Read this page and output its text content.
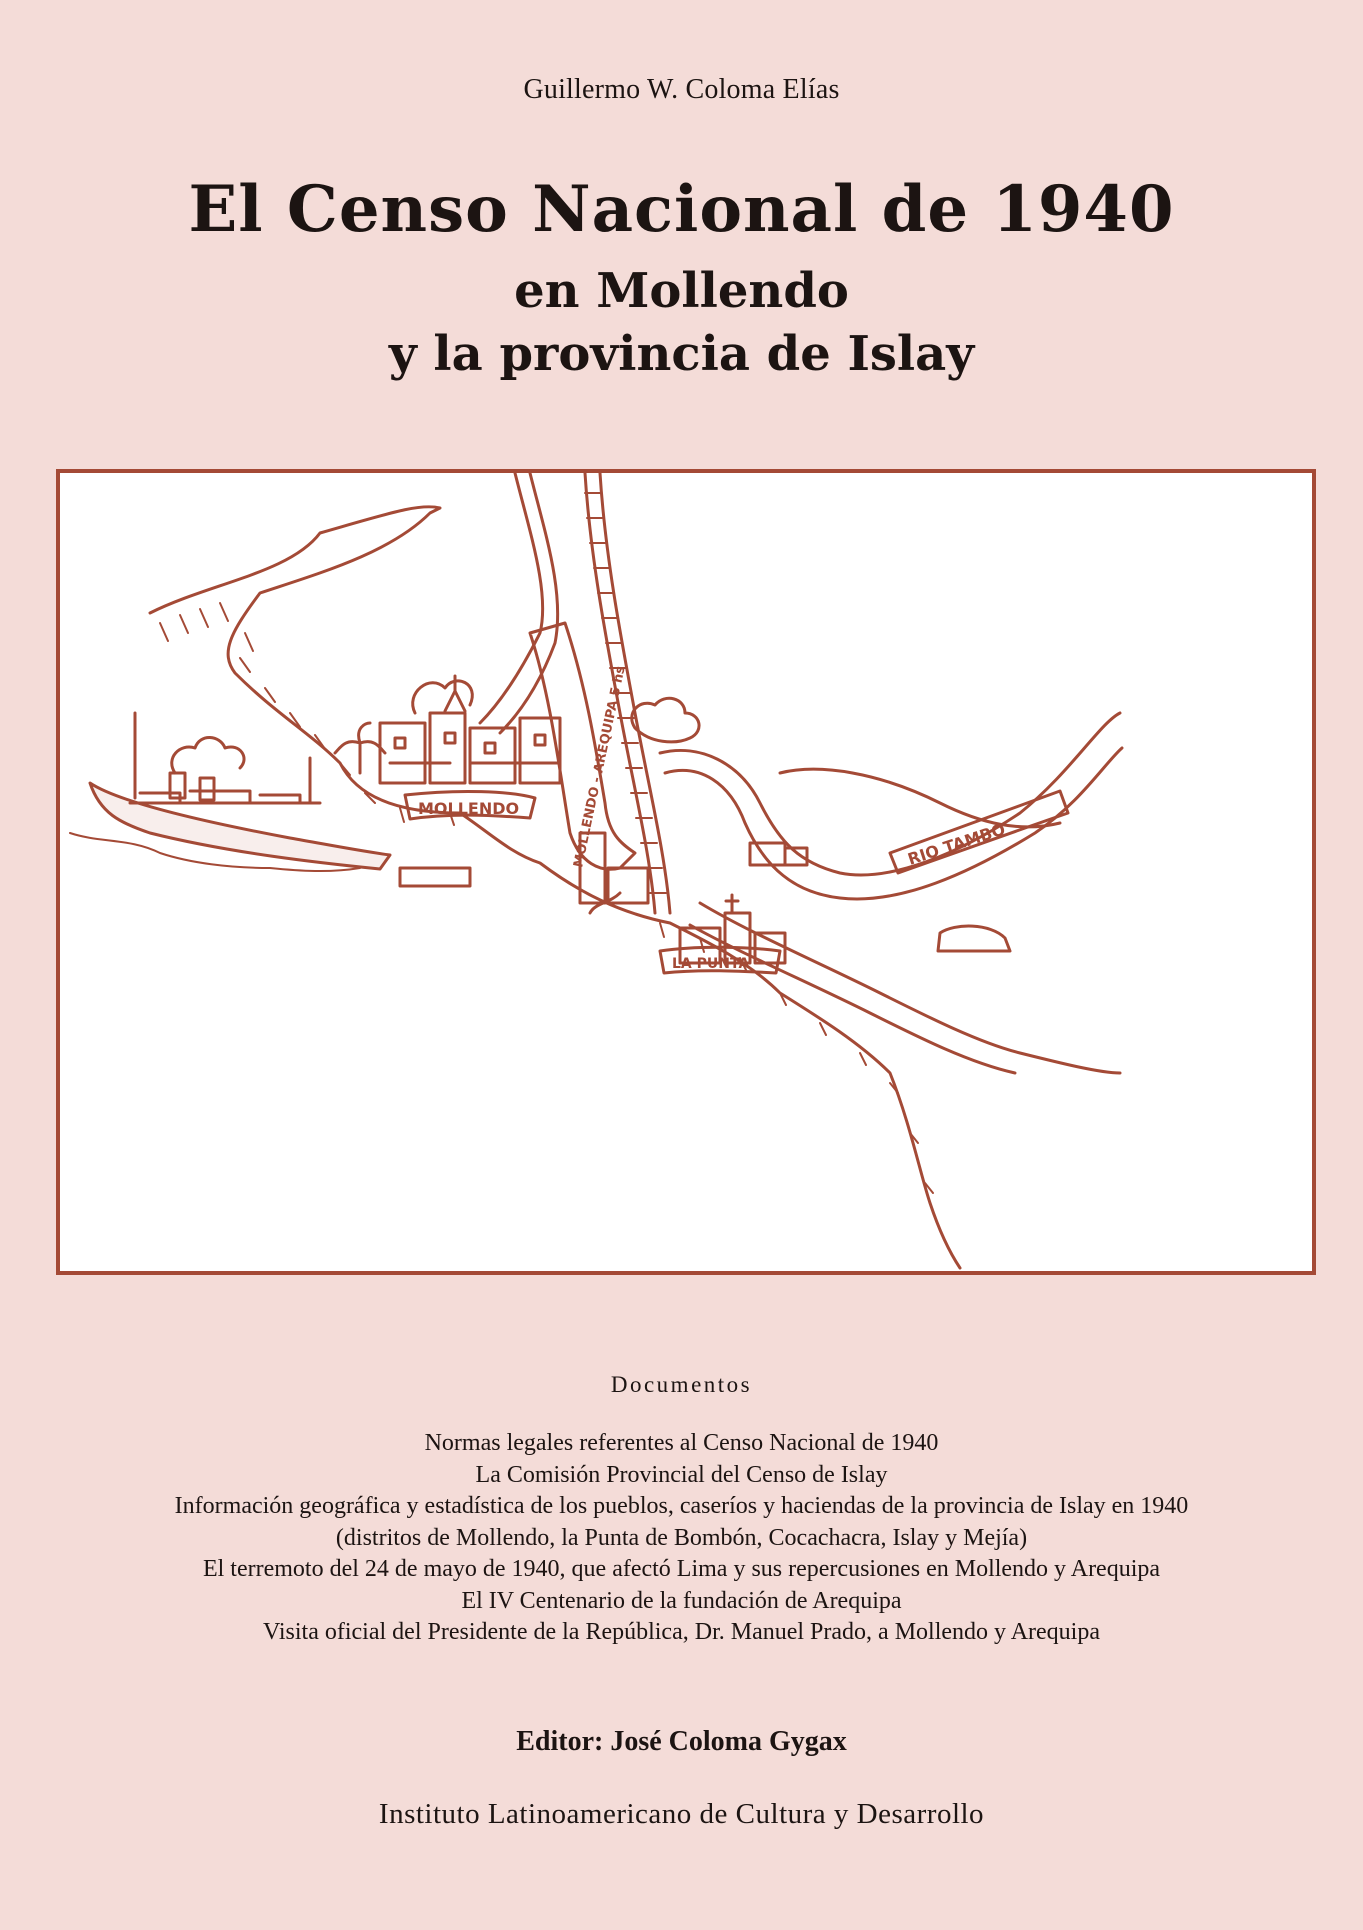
Guillermo W. Coloma Elías
El Censo Nacional de 1940
en Mollendo
y la provincia de Islay
MOLLENDO	MOLLENDO - AREQUIPA 5 hs	RIO TAMBO
LA PUNTA
Documentos
Normas legales referentes al Censo Nacional de 1940
La Comisión Provincial del Censo de Islay
Información geográfica y estadística de los pueblos, caseríos y haciendas de la provincia de Islay en 1940
(distritos de Mollendo, la Punta de Bombón, Cocachacra, Islay y Mejía)
El terremoto del 24 de mayo de 1940, que afectó Lima y sus repercusiones en Mollendo y Arequipa
El IV Centenario de la fundación de Arequipa
Visita oficial del Presidente de la República, Dr. Manuel Prado, a Mollendo y Arequipa
Editor: José Coloma Gygax
Instituto Latinoamericano de Cultura y Desarrollo
